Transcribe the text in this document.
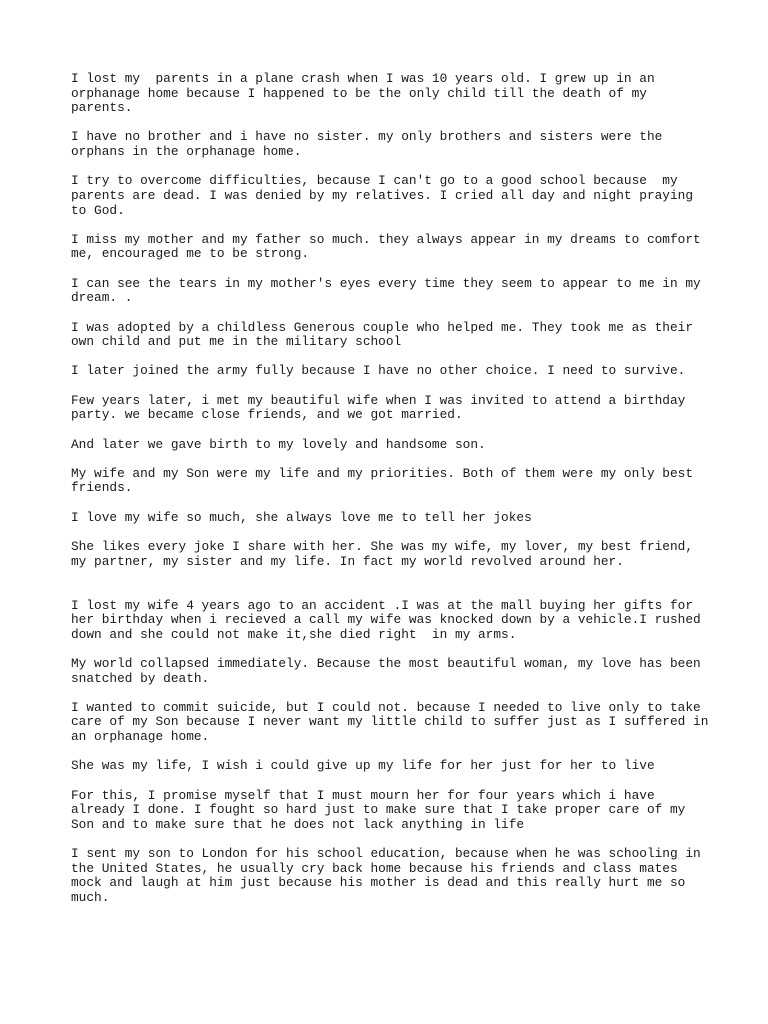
I lost my  parents in a plane crash when I was 10 years old. I grew up in an
orphanage home because I happened to be the only child till the death of my
parents.

I have no brother and i have no sister. my only brothers and sisters were the
orphans in the orphanage home.

I try to overcome difficulties, because I can't go to a good school because  my
parents are dead. I was denied by my relatives. I cried all day and night praying
to God.

I miss my mother and my father so much. they always appear in my dreams to comfort
me, encouraged me to be strong.

I can see the tears in my mother's eyes every time they seem to appear to me in my
dream. .

I was adopted by a childless Generous couple who helped me. They took me as their
own child and put me in the military school

I later joined the army fully because I have no other choice. I need to survive.

Few years later, i met my beautiful wife when I was invited to attend a birthday
party. we became close friends, and we got married.

And later we gave birth to my lovely and handsome son.

My wife and my Son were my life and my priorities. Both of them were my only best
friends.

I love my wife so much, she always love me to tell her jokes

She likes every joke I share with her. She was my wife, my lover, my best friend,
my partner, my sister and my life. In fact my world revolved around her.

I lost my wife 4 years ago to an accident .I was at the mall buying her gifts for
her birthday when i recieved a call my wife was knocked down by a vehicle.I rushed
down and she could not make it,she died right  in my arms.

My world collapsed immediately. Because the most beautiful woman, my love has been
snatched by death.

I wanted to commit suicide, but I could not. because I needed to live only to take
care of my Son because I never want my little child to suffer just as I suffered in
an orphanage home.

She was my life, I wish i could give up my life for her just for her to live

For this, I promise myself that I must mourn her for four years which i have
already I done. I fought so hard just to make sure that I take proper care of my
Son and to make sure that he does not lack anything in life

I sent my son to London for his school education, because when he was schooling in
the United States, he usually cry back home because his friends and class mates
mock and laugh at him just because his mother is dead and this really hurt me so
much.
